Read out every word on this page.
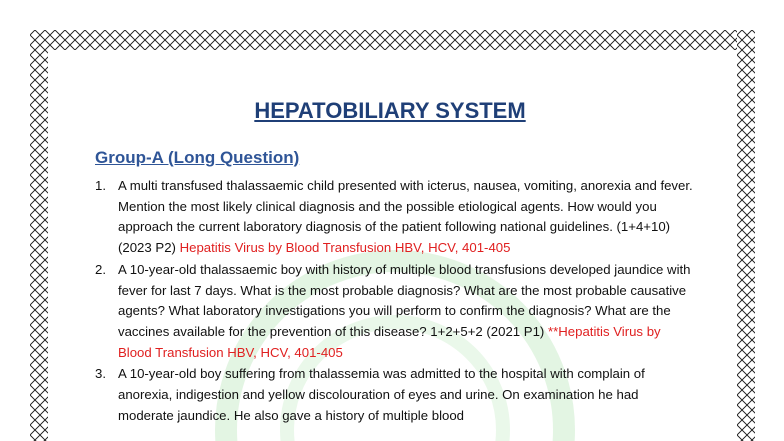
HEPATOBILIARY SYSTEM
Group-A (Long Question)
1. A multi transfused thalassaemic child presented with icterus, nausea, vomiting, anorexia and fever. Mention the most likely clinical diagnosis and the possible etiological agents. How would you approach the current laboratory diagnosis of the patient following national guidelines. (1+4+10) (2023 P2) Hepatitis Virus by Blood Transfusion HBV, HCV, 401-405
2. A 10-year-old thalassaemic boy with history of multiple blood transfusions developed jaundice with fever for last 7 days. What is the most probable diagnosis? What are the most probable causative agents? What laboratory investigations you will perform to confirm the diagnosis? What are the vaccines available for the prevention of this disease? 1+2+5+2 (2021 P1) **Hepatitis Virus by Blood Transfusion HBV, HCV, 401-405
3. A 10-year-old boy suffering from thalassemia was admitted to the hospital with complain of anorexia, indigestion and yellow discolouration of eyes and urine. On examination he had moderate jaundice. He also gave a history of multiple blood
